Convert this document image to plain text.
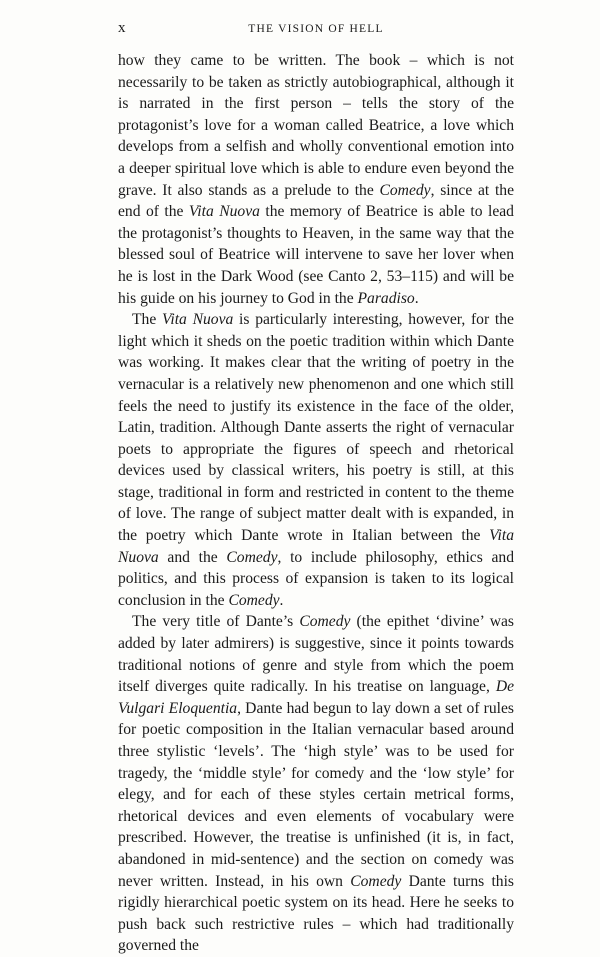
x	THE VISION OF HELL

how they came to be written. The book – which is not necessarily to be taken as strictly autobiographical, although it is narrated in the first person – tells the story of the protagonist’s love for a woman called Beatrice, a love which develops from a selfish and wholly conventional emotion into a deeper spiritual love which is able to endure even beyond the grave. It also stands as a prelude to the Comedy, since at the end of the Vita Nuova the memory of Beatrice is able to lead the protagonist’s thoughts to Heaven, in the same way that the blessed soul of Beatrice will intervene to save her lover when he is lost in the Dark Wood (see Canto 2, 53–115) and will be his guide on his journey to God in the Paradiso.

The Vita Nuova is particularly interesting, however, for the light which it sheds on the poetic tradition within which Dante was working. It makes clear that the writing of poetry in the vernacular is a relatively new phenomenon and one which still feels the need to justify its existence in the face of the older, Latin, tradition. Although Dante asserts the right of vernacular poets to appropriate the figures of speech and rhetorical devices used by classical writers, his poetry is still, at this stage, traditional in form and restricted in content to the theme of love. The range of subject matter dealt with is expanded, in the poetry which Dante wrote in Italian between the Vita Nuova and the Comedy, to include philosophy, ethics and politics, and this process of expansion is taken to its logical conclusion in the Comedy.

The very title of Dante’s Comedy (the epithet ‘divine’ was added by later admirers) is suggestive, since it points towards traditional notions of genre and style from which the poem itself diverges quite radically. In his treatise on language, De Vulgari Eloquentia, Dante had begun to lay down a set of rules for poetic composition in the Italian vernacular based around three stylistic ‘levels’. The ‘high style’ was to be used for tragedy, the ‘middle style’ for comedy and the ‘low style’ for elegy, and for each of these styles certain metrical forms, rhetorical devices and even elements of vocabulary were prescribed. However, the treatise is unfinished (it is, in fact, abandoned in mid-sentence) and the section on comedy was never written. Instead, in his own Comedy Dante turns this rigidly hierarchical poetic system on its head. Here he seeks to push back such restrictive rules – which had traditionally governed the
